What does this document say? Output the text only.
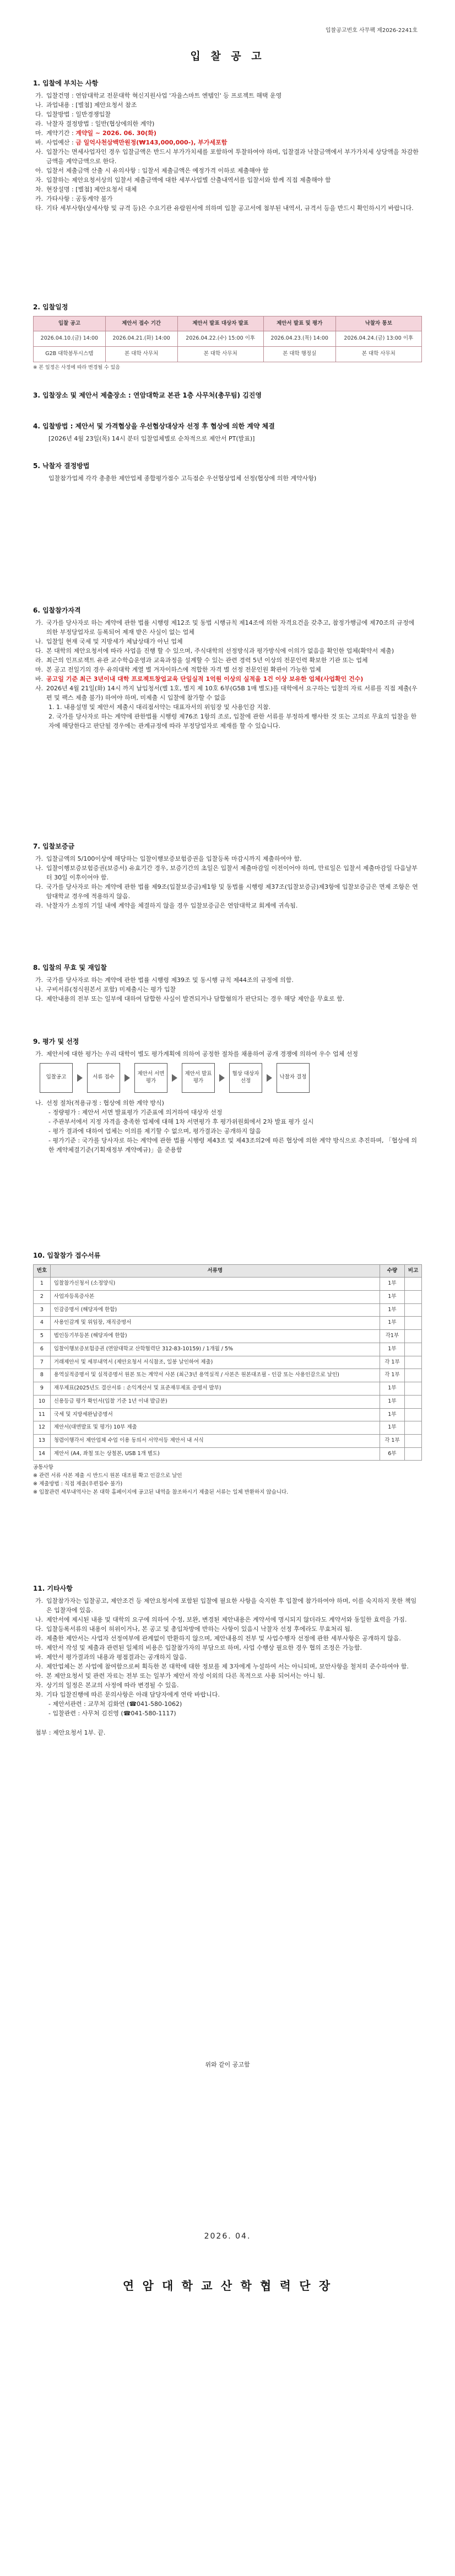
입찰공고번호 사무팩 제2026-2241호
입 찰 공 고
1. 입찰에 부치는 사항
가. 입찰건명 : 연암대학교 전문대학 혁신지원사업 '자율스마트 엔템인' 등 프로젝트 해택 운영
나. 과업내용 : [별첨] 제안요청서 참조
다. 입찰방법 : 일반경쟁입찰
라. 낙찰자 결정방법 : 일반(협상에의한 계약)
마. 계약기간 : 계약일 ~ 2026. 06. 30(화)
바. 사업예산 : 금 일억사천삼백만원정(₩143,000,000-), 부가세포함
사. 입찰가는 면세사업자인 경우 입찰금액은 반드시 부가가치세를 포함하여 투찰하여야 하며, 입찰결과 낙찰금액에서 부가가치세 상당액을 차감한 금액을 계약금액으로 한다.
아. 입찰서 제출금액 산출 시 유의사항 : 입찰서 제출금액은 예정가격 이하로 제출해야 함
자. 입찰하는 제안요청서상의 입찰서 제출금액에 대한 세부사업별 산출내역서를 입찰서와 함께 직접 제출해야 함
차. 현장설명 : [별첨] 제안요청서 대체
카. 가타사항 : 공동계약 불가
타. 기타 세부사항(상세사항 및 규격 등)은 수요기관 유람원서에 의하며 입찰 공고서에 첨부된 내역서, 규격서 등을 반드시 확인하시기 바랍니다.
2. 입찰일정
입찰 공고	제안서 접수 기간	제안서 발표 대상자 발표	제안서 발표 및 평가	낙찰자 통보
2026.04.10.(금) 14:00	2026.04.21.(화) 14:00	2026.04.22.(수) 15:00 이후	2026.04.23.(목) 14:00	2026.04.24.(금) 13:00 이후
G2B 대학봉투시스템	본 대학 사무처	본 대학 사무처	본 대학 행정실	본 대학 사무처
※ 본 일정은 사정에 따라 변경될 수 있음
3. 입찰장소 및 제안서 제출장소 : 연암대학교 본관 1층 사무처(총무팀) 김진영
4. 입찰방법 : 제안서 및 가격협상을 우선협상대상자 선정 후 협상에 의한 계약 체결
[2026년 4월 23일(목) 14시 분터 입찰업체별로 순차적으로 제안서 PT(발표)]
5. 낙찰자 결정방법
입찰참가업체 각각 총총한 제안업체 종합평가점수 고득점순 우선협상업체 선정(협상에 의한 계약사항)
6. 입찰참가자격
가. 국가를 당사자로 하는 계약에 관한 법률 시행령 제12조 및 동법 시행규칙 제14조에 의한 자격요건을 갖추고, 참정가행금에 제70조의 규정에 의한 부정당업자로 등록되어 제재 받은 사실이 없는 업체
나. 입찰일 현재 국세 및 지방세가 체납상태가 아닌 업체
다. 본 대학의 제안요청서에 따라 사업을 진행 할 수 있으며, 주식대학의 선정방식과 평가방식에 이의가 없음을 확인한 업체(확약서 제출)
라. 최근의 인프로젝트 유관 교수학습운영과 교육과정을 설계할 수 있는 관련 경력 5년 이상의 전문인력 확보한 기관 또는 업체
마. 본 공고 전일기의 경우 유의대학 계열 별 겨자이하스에 적합한 자격 별 선정 전문인원 확관이 가능한 업체
바. 공고일 기준 최근 3년이내 대학 프로젝트창업교육 단일실적 1억원 이상의 실적을 1건 이상 보유한 업체(사업확인 건수)
사. 2026년 4월 21일(화) 14시 까지 납입청서(별 1호, 별지 제 10호 6부(G5B 1매 별도)를 대학에서 요구하는 입찰의 자료 서류를 직접 제출(우편 및 팩스 제출 불가) 하여야 하며, 미제출 시 입찰에 참가할 수 없음
1. 1. 내용설명 및 제안서 제출시 대리점서약는 대표자서의 위임장 및 사용인감 지참.
2. 국가를 당사자로 하는 계약에 관한법률 시행령 제76조 1항의 조로, 입찰에 관한 서류를 부정하게 행사한 것 또는 고의로 무효의 입찰을 한 자에 해당한다고 판단될 경우에는 관계규정에 따라 부정당업자로 제재를 할 수 있습니다.
7. 입찰보증금
가. 입찰금액의 5/100이상에 해당하는 입찰이행보증보험증권을 입찰등록 마감시까지 제출하여야 함.
나. 입찰이행보증보험증권(보증서) 유효기간 경우, 보증기간의 초일은 입찰서 제출마감일 이전이어야 하며, 만료일은 입찰서 제출마감일 다음날부터 30일 이후이어야 함.
다. 국가를 당사자로 하는 계약에 관한 법률 제9조(입찰보증금)제1항 및 동법률 시행령 제37조(입찰보증금)제3항에 입찰보증금은 면제 조항은 연암대학교 경우에 적용하지 않음.
라. 낙찰자가 소정의 기일 내에 계약을 체결하지 않을 경우 입찰보증금은 연암대학교 회계에 귀속됨.
8. 입찰의 무효 및 재입찰
가. 국가를 당사자로 하는 계약에 관한 법률 시행령 제39조 및 동시행 규칙 제44조의 규정에 의함.
나. 구비서류(정식원본서 포함) 미제출시는 평가 입찰
다. 제안내용의 전부 또는 일부에 대하여 담합한 사실이 발견되거나 담합혐의가 판단되는 경우 해당 제안을 무효로 함.
9. 평가 및 선정
가. 제안서에 대한 평가는 우리 대학이 별도 평가계획에 의하여 공정한 절차를 채용하여 공개 경쟁에 의하여 우수 업체 선정
입찰공고	서류 접수
제안서 서면 평가
제안서 발표 평가
협상 대상자 선정
낙찰자 결정
나. 선정 절차(적용규정 : 협상에 의한 계약 방식)
- 정량평가 : 제안서 서면 발표평가 기준표에 의거하여 대상자 선정
- 주관부서에서 지정 자격을 충족한 업체에 대해 1차 서면평가 후 평가위원회에서 2차 발표 평가 실시
- 평가 결과에 대하여 업체는 이의를 제기할 수 없으며, 평가결과는 공개하지 않음
- 평가기준 : 국가를 당사자로 하는 계약에 관한 법률 시행령 제43조 및 제43조의2에 따른 협상에 의한 계약 방식으로 추진하며, 「협상에 의한 계약체결기준(기획재정부 계약예규)」을 준용함
10. 입찰참가 접수서류
번호	서류명	수량	비고
1	입찰참가신청서 (소정양식)	1부	
2	사업자등록증사본	1부	
3	인감증명서 (해당자에 한함)	1부	
4	사용인감계 및 위임장, 재직증명서	1부	
5	법인등기부등본 (해당자에 한함)	각1부	
6	입찰이행보증보험증권 (연암대학교 산학협력단 312-83-10159) / 1개월 / 5%	1부	
7	거래제안서 및 세부내역서 (제안요청서 서식참조, 일봉 날인하여 제출)	각 1부	
8	용역실적증명서 및 실적증명서 원본 또는 계약서 사본 (최근3년 용역실적 / 사본은 원본대조필 - 인감 또는 사용인감으로 날인)	각 1부	
9	재무제표(2025년도 결산서류 : 손익계산서 및 표준재무제표 증명서 발부)	1부	
10	신용등급 평가 확인서(입찰 기준 1년 이내 발급분)	1부	
11	국세 및 지방세완납증명서	1부	
12	제안서(대면발표 및 평가) 10부 제출	1부	
13	청렴이행각서 제안업체 수업 이용 동의서 서약서등 제안서 내 서식	각 1부	
14	제안서 (A4, 좌철 또는 상철본, USB 1개 별도)	6부	
공통사항
※ 관련 서류 사본 제출 시 반드시 원본 대조필 확고 인감으로 날인
※ 제출방법 : 직접 제출(우편접수 불가)
※ 입찰관련 세부내역사는 본 대학 홈페이지에 공고된 내역을 참조하시기 제출된 서류는 일체 반환하지 않습니다.
11. 기타사항
가. 입찰참가자는 입찰공고, 제안조건 등 제안요청서에 포함된 입찰에 필요한 사항을 숙지한 후 입찰에 참가하여야 하며, 이를 숙지하지 못한 책임은 입찰자에 있음.
나. 제안서에 제시된 내용 및 대학의 요구에 의하여 수정, 보완, 변경된 제안내용은 계약서에 명시되지 않더라도 계약서와 동일한 효력을 가짐.
다. 입찰등록서류의 내용이 허위이거나, 본 공고 및 총입차방에 반하는 사항이 있음시 낙찰자 선정 후에라도 무효처리 됨.
라. 제출한 제안서는 사업자 선정여부에 관계없이 반환하지 않으며, 제안내용의 전부 및 사업수행자 선정에 관한 세부사항은 공개하지 않음.
마. 제안서 작성 및 제출과 관련된 일체의 비용은 입찰참가자의 부담으로 하며, 사업 수행상 필요한 경우 협의 조정은 가능함.
바. 제안서 평가결과의 내용과 평점결과는 공개하지 않음.
사. 제안업체는 본 사업에 참여함으로써 획득한 본 대학에 대한 정보를 제 3자에게 누설하여 서는 아니되며, 보안사항을 철저히 준수하여야 함.
아. 본 제안요청서 및 관련 자료는 전부 또는 일부가 제안서 작성 이외의 다른 목적으로 사용 되어서는 아니 됨.
자. 상기의 일정은 본교의 사정에 따라 변경될 수 있음.
차. 기타 입찰진행에 따른 문의사항은 아래 담당자에게 연락 바랍니다.
- 제안서관련 : 교무처 김화연 (☎041-580-1062)
- 입찰관련 : 사무처 김진영 (☎041-580-1117)
첨부 : 제안요청서 1부. 끝.
위와 같이 공고함
2026. 04.
연 암 대 학 교 산 학 협 력 단 장
